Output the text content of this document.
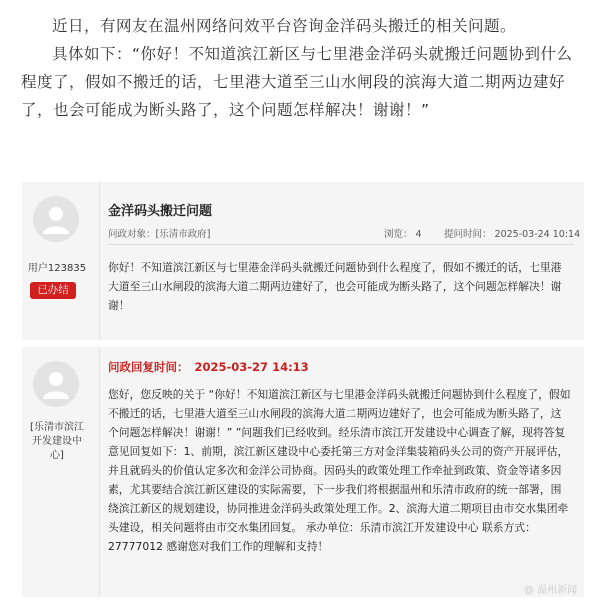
近日，有网友在温州网络问效平台咨询金洋码头搬迁的相关问题。

具体如下：“你好！不知道滨江新区与七里港金洋码头就搬迁问题协到什么程度了，假如不搬迁的话，七里港大道至三山水闸段的滨海大道二期两边建好了，也会可能成为断头路了，这个问题怎样解决！谢谢！”

用户123835
已办结
金洋码头搬迁问题
问政对象：[乐清市政府]	浏览： 4 提问时间： 2025-03-24 10:14
你好！不知道滨江新区与七里港金洋码头就搬迁问题协到什么程度了，假如不搬迁的话，七里港大道至三山水闸段的滨海大道二期两边建好了，也会可能成为断头路了，这个问题怎样解决！谢谢！
[乐清市滨江开发建设中心]
问政回复时间： 2025-03-27 14:13
您好，您反映的关于 “你好！不知道滨江新区与七里港金洋码头就搬迁问题协到什么程度了，假如不搬迁的话，七里港大道至三山水闸段的滨海大道二期两边建好了，也会可能成为断头路了，这个问题怎样解决！谢谢！” ”问题我们已经收到。经乐清市滨江开发建设中心调查了解，现将答复意见回复如下：1、前期，滨江新区建设中心委托第三方对金洋集装箱码头公司的资产开展评估，并且就码头的价值认定多次和金洋公司协商。因码头的政策处理工作牵扯到政策、资金等诸多因素，尤其要结合滨江新区建设的实际需要，下一步我们将根据温州和乐清市政府的统一部署，围绕滨江新区的规划建设，协同推进金洋码头政策处理工作。2、滨海大道二期项目由市交水集团牵头建设，相关问题将由市交水集团回复。 承办单位：乐清市滨江开发建设中心 联系方式：27777012 感谢您对我们工作的理解和支持！
@ 温州新闻
